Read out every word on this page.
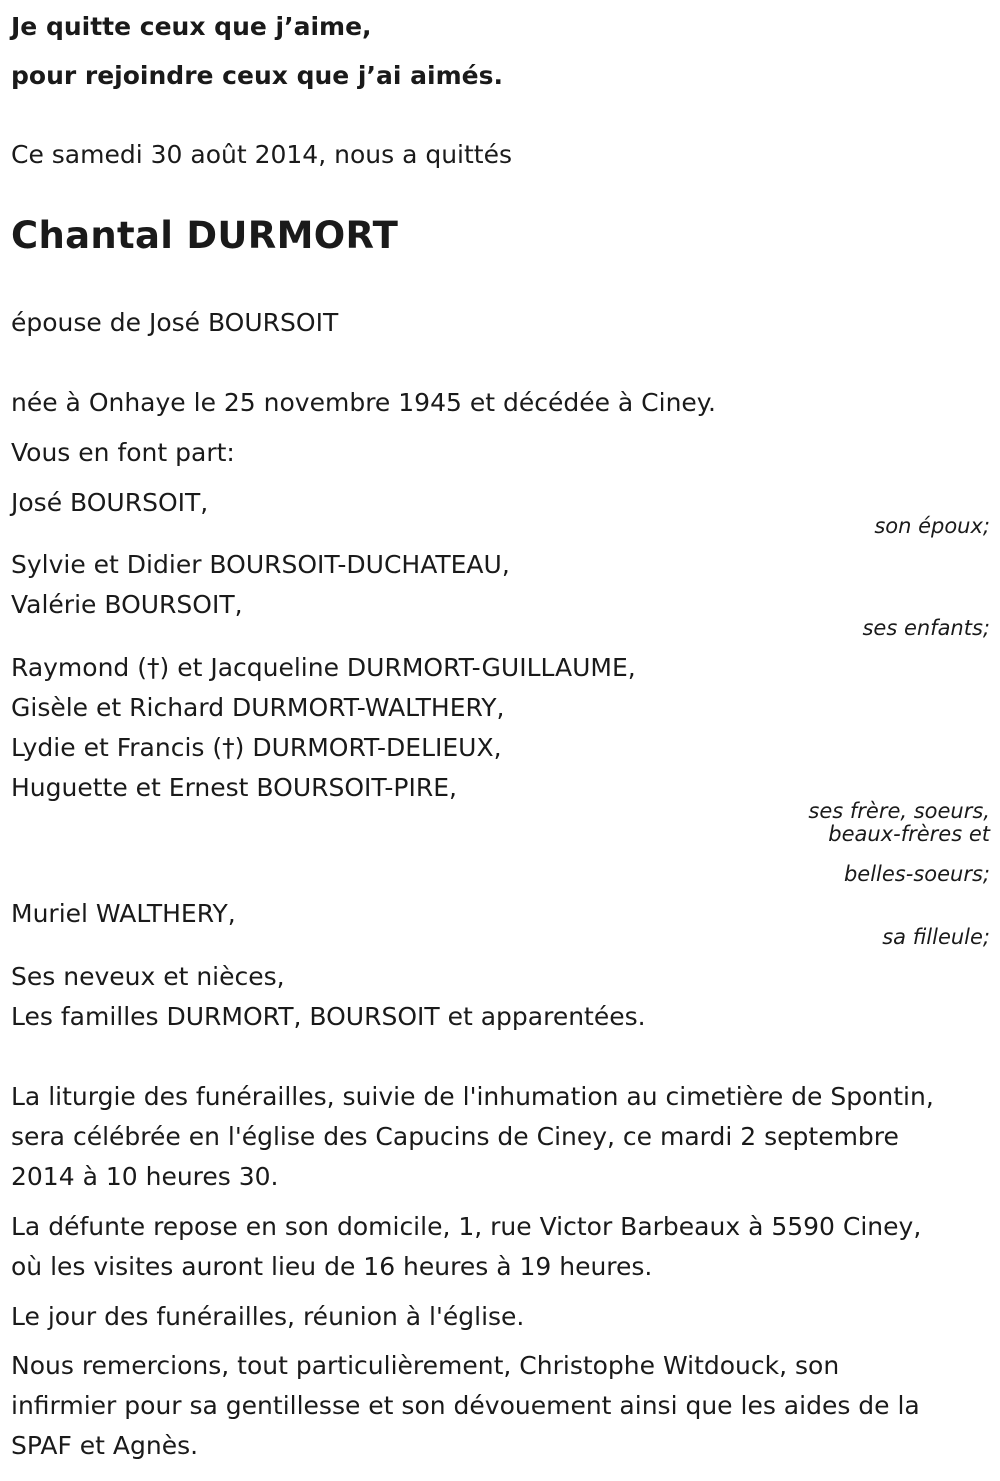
Je quitte ceux que j’aime,
pour rejoindre ceux que j’ai aimés.
Ce samedi 30 août 2014, nous a quittés
Chantal DURMORT
épouse de José BOURSOIT
née à Onhaye le 25 novembre 1945 et décédée à Ciney.
Vous en font part:
José BOURSOIT,
son époux;
Sylvie et Didier BOURSOIT-DUCHATEAU,
Valérie BOURSOIT,
ses enfants;
Raymond (†) et Jacqueline DURMORT-GUILLAUME,
Gisèle et Richard DURMORT-WALTHERY,
Lydie et Francis (†) DURMORT-DELIEUX,
Huguette et Ernest BOURSOIT-PIRE,
ses frère, soeurs,
beaux-frères et
belles-soeurs;
Muriel WALTHERY,
sa filleule;
Ses neveux et nièces,
Les familles DURMORT, BOURSOIT et apparentées.
La liturgie des funérailles, suivie de l'inhumation au cimetière de Spontin,
sera célébrée en l'église des Capucins de Ciney, ce mardi 2 septembre
2014 à 10 heures 30.
La défunte repose en son domicile, 1, rue Victor Barbeaux à 5590 Ciney,
où les visites auront lieu de 16 heures à 19 heures.
Le jour des funérailles, réunion à l'église.
Nous remercions, tout particulièrement, Christophe Witdouck, son
infirmier pour sa gentillesse et son dévouement ainsi que les aides de la
SPAF et Agnès.
